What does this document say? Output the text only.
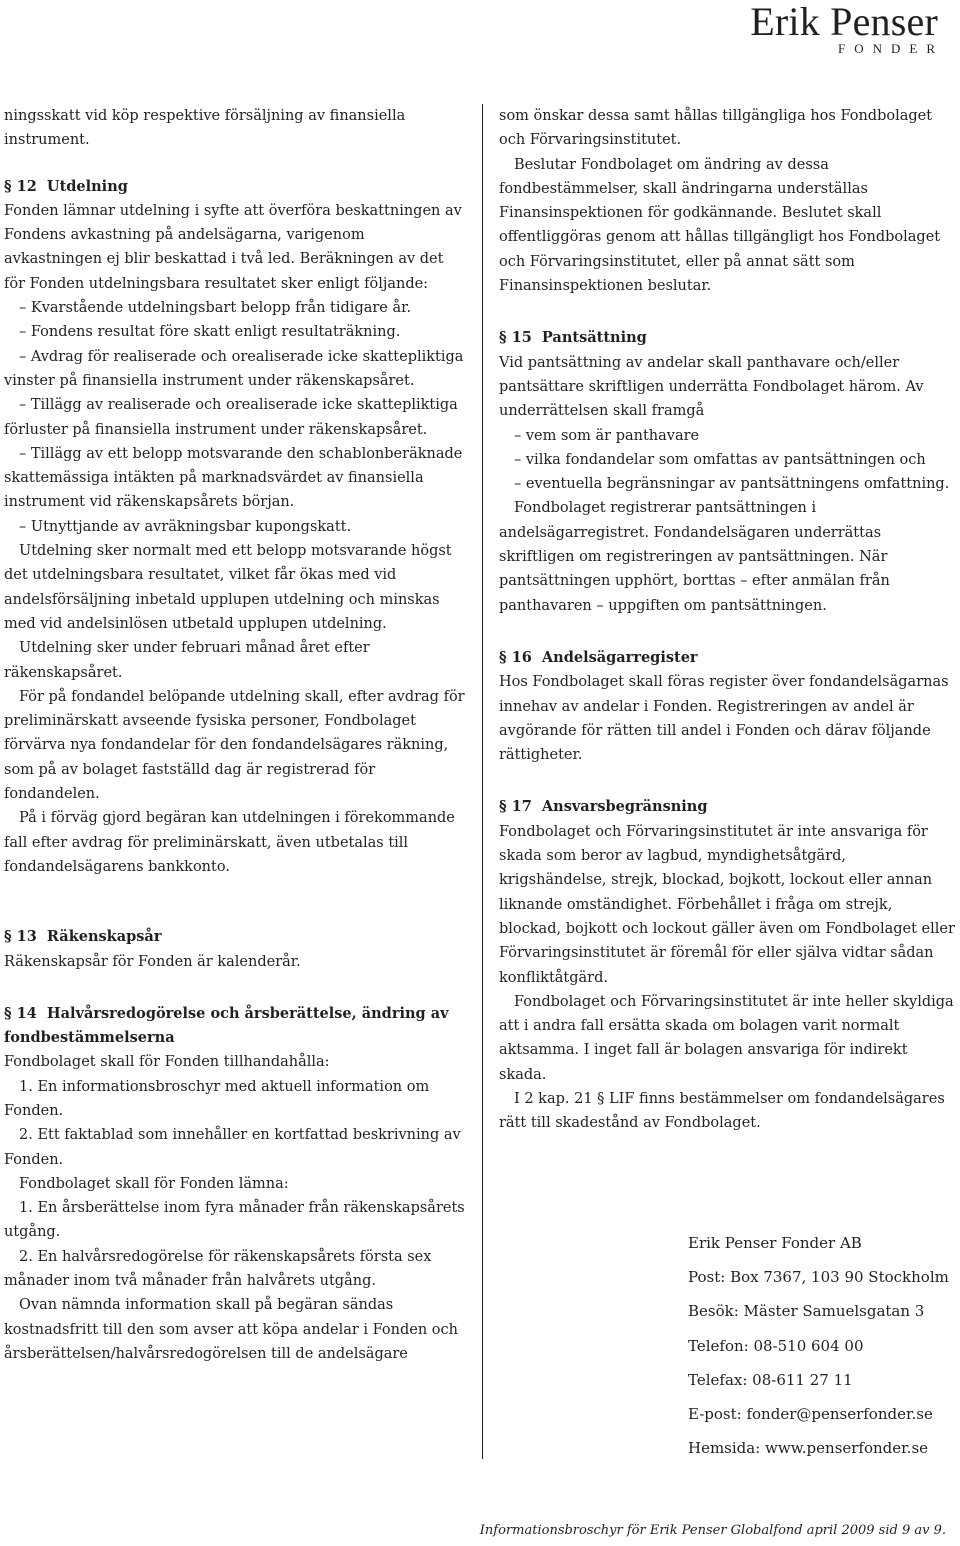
Erik Penser
FONDER

ningsskatt vid köp respektive försäljning av finansiella instrument.

§ 12 Utdelning

Fonden lämnar utdelning i syfte att överföra beskattningen av Fondens avkastning på andelsägarna, varigenom avkastningen ej blir beskattad i två led. Beräkningen av det för Fonden utdelningsbara resultatet sker enligt följande:

– Kvarstående utdelningsbart belopp från tidigare år.

– Fondens resultat före skatt enligt resultaträkning.

– Avdrag för realiserade och orealiserade icke skattepliktiga vinster på finansiella instrument under räkenskapsåret.

– Tillägg av realiserade och orealiserade icke skattepliktiga förluster på finansiella instrument under räkenskapsåret.

– Tillägg av ett belopp motsvarande den schablonberäknade skattemässiga intäkten på marknadsvärdet av finansiella instrument vid räkenskapsårets början.

– Utnyttjande av avräkningsbar kupongskatt.

Utdelning sker normalt med ett belopp motsvarande högst det utdelningsbara resultatet, vilket får ökas med vid andelsförsäljning inbetald upplupen utdelning och minskas med vid andelsinlösen utbetald upplupen utdelning.

Utdelning sker under februari månad året efter räkenskapsåret.

För på fondandel belöpande utdelning skall, efter avdrag för preliminärskatt avseende fysiska personer, Fondbolaget förvärva nya fondandelar för den fondandelsägares räkning, som på av bolaget fastställd dag är registrerad för fondandelen.

På i förväg gjord begäran kan utdelningen i förekommande fall efter avdrag för preliminärskatt, även utbetalas till fondandelsägarens bankkonto.

§ 13 Räkenskapsår

Räkenskapsår för Fonden är kalenderår.

§ 14 Halvårsredogörelse och årsberättelse, ändring av fondbestämmelserna

Fondbolaget skall för Fonden tillhandahålla:

1. En informationsbroschyr med aktuell information om Fonden.

2. Ett faktablad som innehåller en kortfattad beskrivning av Fonden.

Fondbolaget skall för Fonden lämna:

1. En årsberättelse inom fyra månader från räkenskapsårets utgång.

2. En halvårsredogörelse för räkenskapsårets första sex månader inom två månader från halvårets utgång.

Ovan nämnda information skall på begäran sändas kostnadsfritt till den som avser att köpa andelar i Fonden och årsberättelsen/halvårsredogörelsen till de andelsägare

som önskar dessa samt hållas tillgängliga hos Fondbolaget och Förvaringsinstitutet.

Beslutar Fondbolaget om ändring av dessa fondbestämmelser, skall ändringarna underställas Finansinspektionen för godkännande. Beslutet skall offentliggöras genom att hållas tillgängligt hos Fondbolaget och Förvaringsinstitutet, eller på annat sätt som Finansinspektionen beslutar.

§ 15 Pantsättning

Vid pantsättning av andelar skall panthavare och/eller pantsättare skriftligen underrätta Fondbolaget härom. Av underrättelsen skall framgå

– vem som är panthavare

– vilka fondandelar som omfattas av pantsättningen och

– eventuella begränsningar av pantsättningens omfattning.

Fondbolaget registrerar pantsättningen i andelsägarregistret. Fondandelsägaren underrättas skriftligen om registreringen av pantsättningen. När pantsättningen upphört, borttas – efter anmälan från panthavaren – uppgiften om pantsättningen.

§ 16 Andelsägarregister

Hos Fondbolaget skall föras register över fondandelsägarnas innehav av andelar i Fonden. Registreringen av andel är avgörande för rätten till andel i Fonden och därav följande rättigheter.

§ 17 Ansvarsbegränsning

Fondbolaget och Förvaringsinstitutet är inte ansvariga för skada som beror av lagbud, myndighetsåtgärd, krigshändelse, strejk, blockad, bojkott, lockout eller annan liknande omständighet. Förbehållet i fråga om strejk, blockad, bojkott och lockout gäller även om Fondbolaget eller Förvaringsinstitutet är föremål för eller själva vidtar sådan konfliktåtgärd.

Fondbolaget och Förvaringsinstitutet är inte heller skyldiga att i andra fall ersätta skada om bolagen varit normalt aktsamma. I inget fall är bolagen ansvariga för indirekt skada.

I 2 kap. 21 § LIF finns bestämmelser om fondandelsägares rätt till skadestånd av Fondbolaget.

Erik Penser Fonder AB
Post: Box 7367, 103 90 Stockholm
Besök: Mäster Samuelsgatan 3
Telefon: 08-510 604 00
Telefax: 08-611 27 11
E-post: fonder@penserfonder.se
Hemsida: www.penserfonder.se
Informationsbroschyr för Erik Penser Globalfond april 2009 sid 9 av 9.
